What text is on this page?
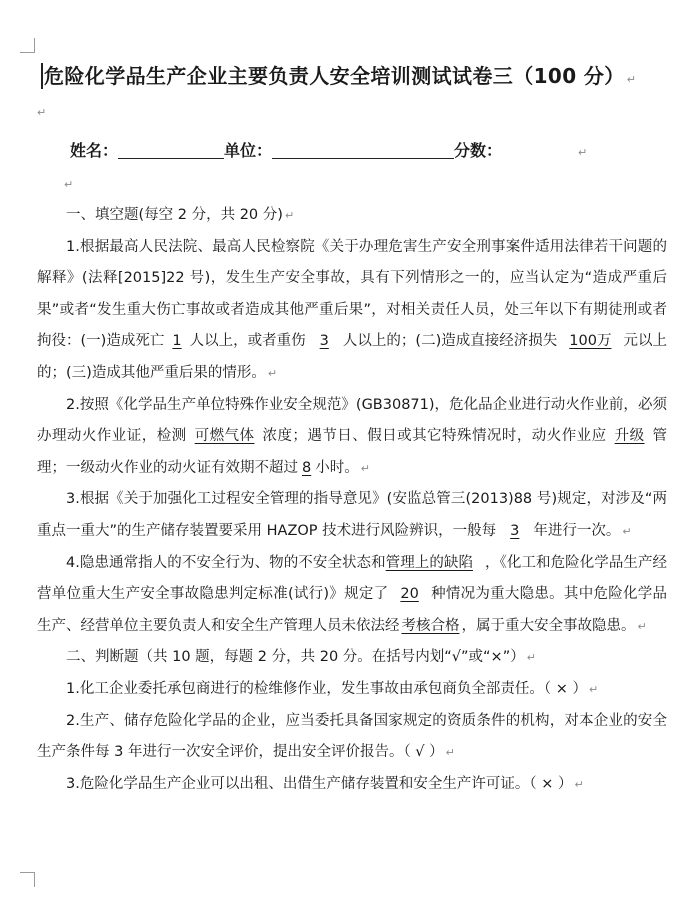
危险化学品生产企业主要负责人安全培训测试试卷三（100 分） ↵
↵
姓名：	单位：	分数：	↵
↵

一、填空题(每空 2 分，共 20 分) ↵

1.根据最高人民法院、最高人民检察院《关于办理危害生产安全刑事案件适用法律若干问题的解释》(法释[2015]22 号)，发生生产安全事故，具有下列情形之一的，应当认定为“造成严重后果”或者“发生重大伤亡事故或者造成其他严重后果”，对相关责任人员，处三年以下有期徒刑或者拘役：(一)造成死亡 1 人以上，或者重伤 3 人以上的；(二)造成直接经济损失 100万 元以上的；(三)造成其他严重后果的情形。 ↵

2.按照《化学品生产单位特殊作业安全规范》(GB30871)，危化品企业进行动火作业前，必须办理动火作业证，检测 可燃气体 浓度；遇节日、假日或其它特殊情况时，动火作业应 升级 管理；一级动火作业的动火证有效期不超过 8 小时。 ↵

3.根据《关于加强化工过程安全管理的指导意见》(安监总管三(2013)88 号)规定，对涉及“两重点一重大”的生产储存装置要采用 HAZOP 技术进行风险辨识，一般每 3 年进行一次。 ↵

4.隐患通常指人的不安全行为、物的不安全状态和管理上的缺陷 ，《化工和危险化学品生产经营单位重大生产安全事故隐患判定标准(试行)》规定了 20 种情况为重大隐患。其中危险化学品生产、经营单位主要负责人和安全生产管理人员未依法经 考核合格 ，属于重大安全事故隐患。 ↵

二、判断题（共 10 题，每题 2 分，共 20 分。在括号内划“√”或“×”） ↵

1.化工企业委托承包商进行的检维修作业，发生事故由承包商负全部责任。（ × ） ↵

2.生产、储存危险化学品的企业，应当委托具备国家规定的资质条件的机构，对本企业的安全生产条件每 3 年进行一次安全评价，提出安全评价报告。（ √ ） ↵

3.危险化学品生产企业可以出租、出借生产储存装置和安全生产许可证。（ × ） ↵
